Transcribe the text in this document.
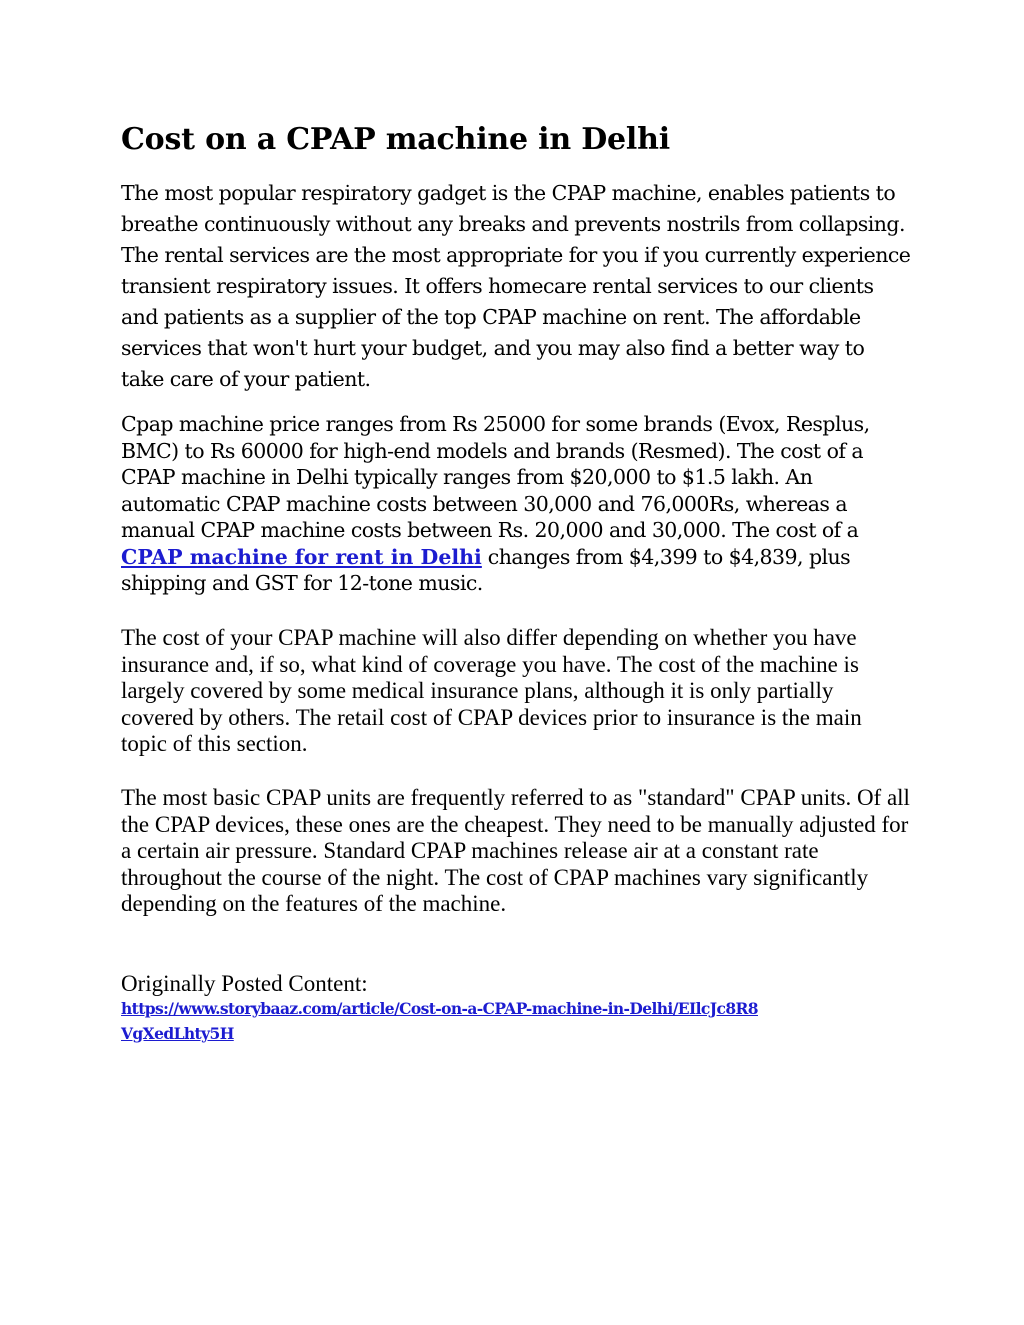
Cost on a CPAP machine in Delhi

The most popular respiratory gadget is the CPAP machine, enables patients to breathe continuously without any breaks and prevents nostrils from collapsing. The rental services are the most appropriate for you if you currently experience transient respiratory issues. It offers homecare rental services to our clients and patients as a supplier of the top CPAP machine on rent. The affordable services that won't hurt your budget, and you may also find a better way to take care of your patient.

Cpap machine price ranges from Rs 25000 for some brands (Evox, Resplus, BMC) to Rs 60000 for high-end models and brands (Resmed). The cost of a CPAP machine in Delhi typically ranges from $20,000 to $1.5 lakh. An automatic CPAP machine costs between 30,000 and 76,000Rs, whereas a manual CPAP machine costs between Rs. 20,000 and 30,000. The cost of a CPAP machine for rent in Delhi changes from $4,399 to $4,839, plus shipping and GST for 12-tone music.

The cost of your CPAP machine will also differ depending on whether you have insurance and, if so, what kind of coverage you have. The cost of the machine is largely covered by some medical insurance plans, although it is only partially covered by others. The retail cost of CPAP devices prior to insurance is the main topic of this section.

The most basic CPAP units are frequently referred to as "standard" CPAP units. Of all the CPAP devices, these ones are the cheapest. They need to be manually adjusted for a certain air pressure. Standard CPAP machines release air at a constant rate throughout the course of the night. The cost of CPAP machines vary significantly depending on the features of the machine.

Originally Posted Content:

https://www.storybaaz.com/article/Cost-on-a-CPAP-machine-in-Delhi/EIlcJc8R8VgXedLhty5H
